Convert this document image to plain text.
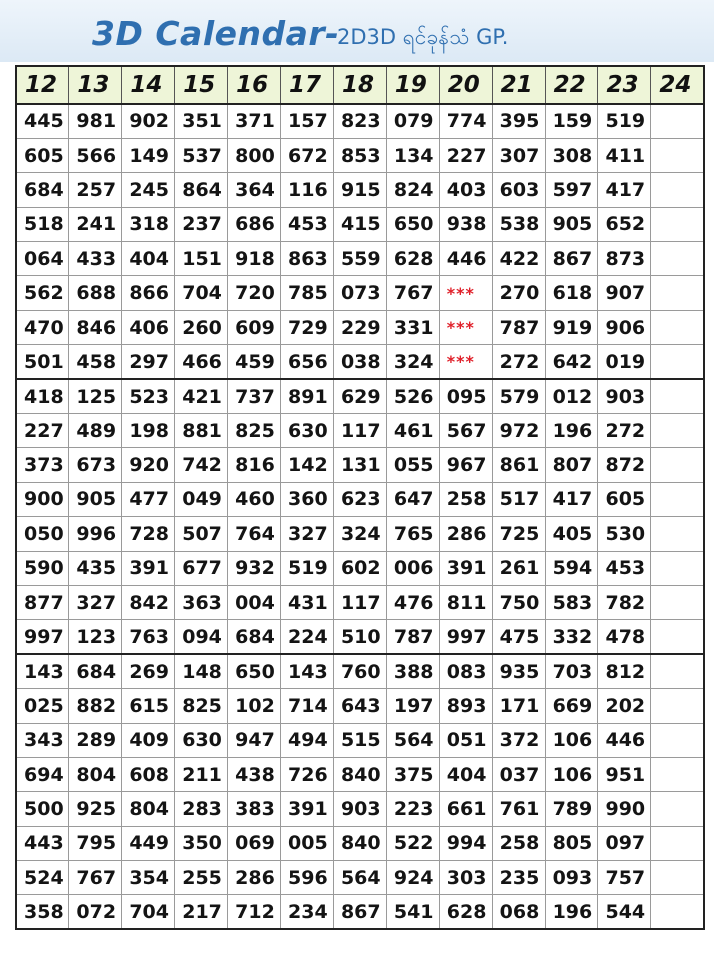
3D Calendar-
2D3D ရင်ခုန်သံ GP.
12	13	14	15	16	17	18	19	20	21	22	23	24
445	981	902	351	371	157	823	079	774	395	159	519	
605	566	149	537	800	672	853	134	227	307	308	411	
684	257	245	864	364	116	915	824	403	603	597	417	
518	241	318	237	686	453	415	650	938	538	905	652	
064	433	404	151	918	863	559	628	446	422	867	873	
562	688	866	704	720	785	073	767	***	270	618	907	
470	846	406	260	609	729	229	331	***	787	919	906	
501	458	297	466	459	656	038	324	***	272	642	019	
418	125	523	421	737	891	629	526	095	579	012	903	
227	489	198	881	825	630	117	461	567	972	196	272	
373	673	920	742	816	142	131	055	967	861	807	872	
900	905	477	049	460	360	623	647	258	517	417	605	
050	996	728	507	764	327	324	765	286	725	405	530	
590	435	391	677	932	519	602	006	391	261	594	453	
877	327	842	363	004	431	117	476	811	750	583	782	
997	123	763	094	684	224	510	787	997	475	332	478	
143	684	269	148	650	143	760	388	083	935	703	812	
025	882	615	825	102	714	643	197	893	171	669	202	
343	289	409	630	947	494	515	564	051	372	106	446	
694	804	608	211	438	726	840	375	404	037	106	951	
500	925	804	283	383	391	903	223	661	761	789	990	
443	795	449	350	069	005	840	522	994	258	805	097	
524	767	354	255	286	596	564	924	303	235	093	757	
358	072	704	217	712	234	867	541	628	068	196	544	
